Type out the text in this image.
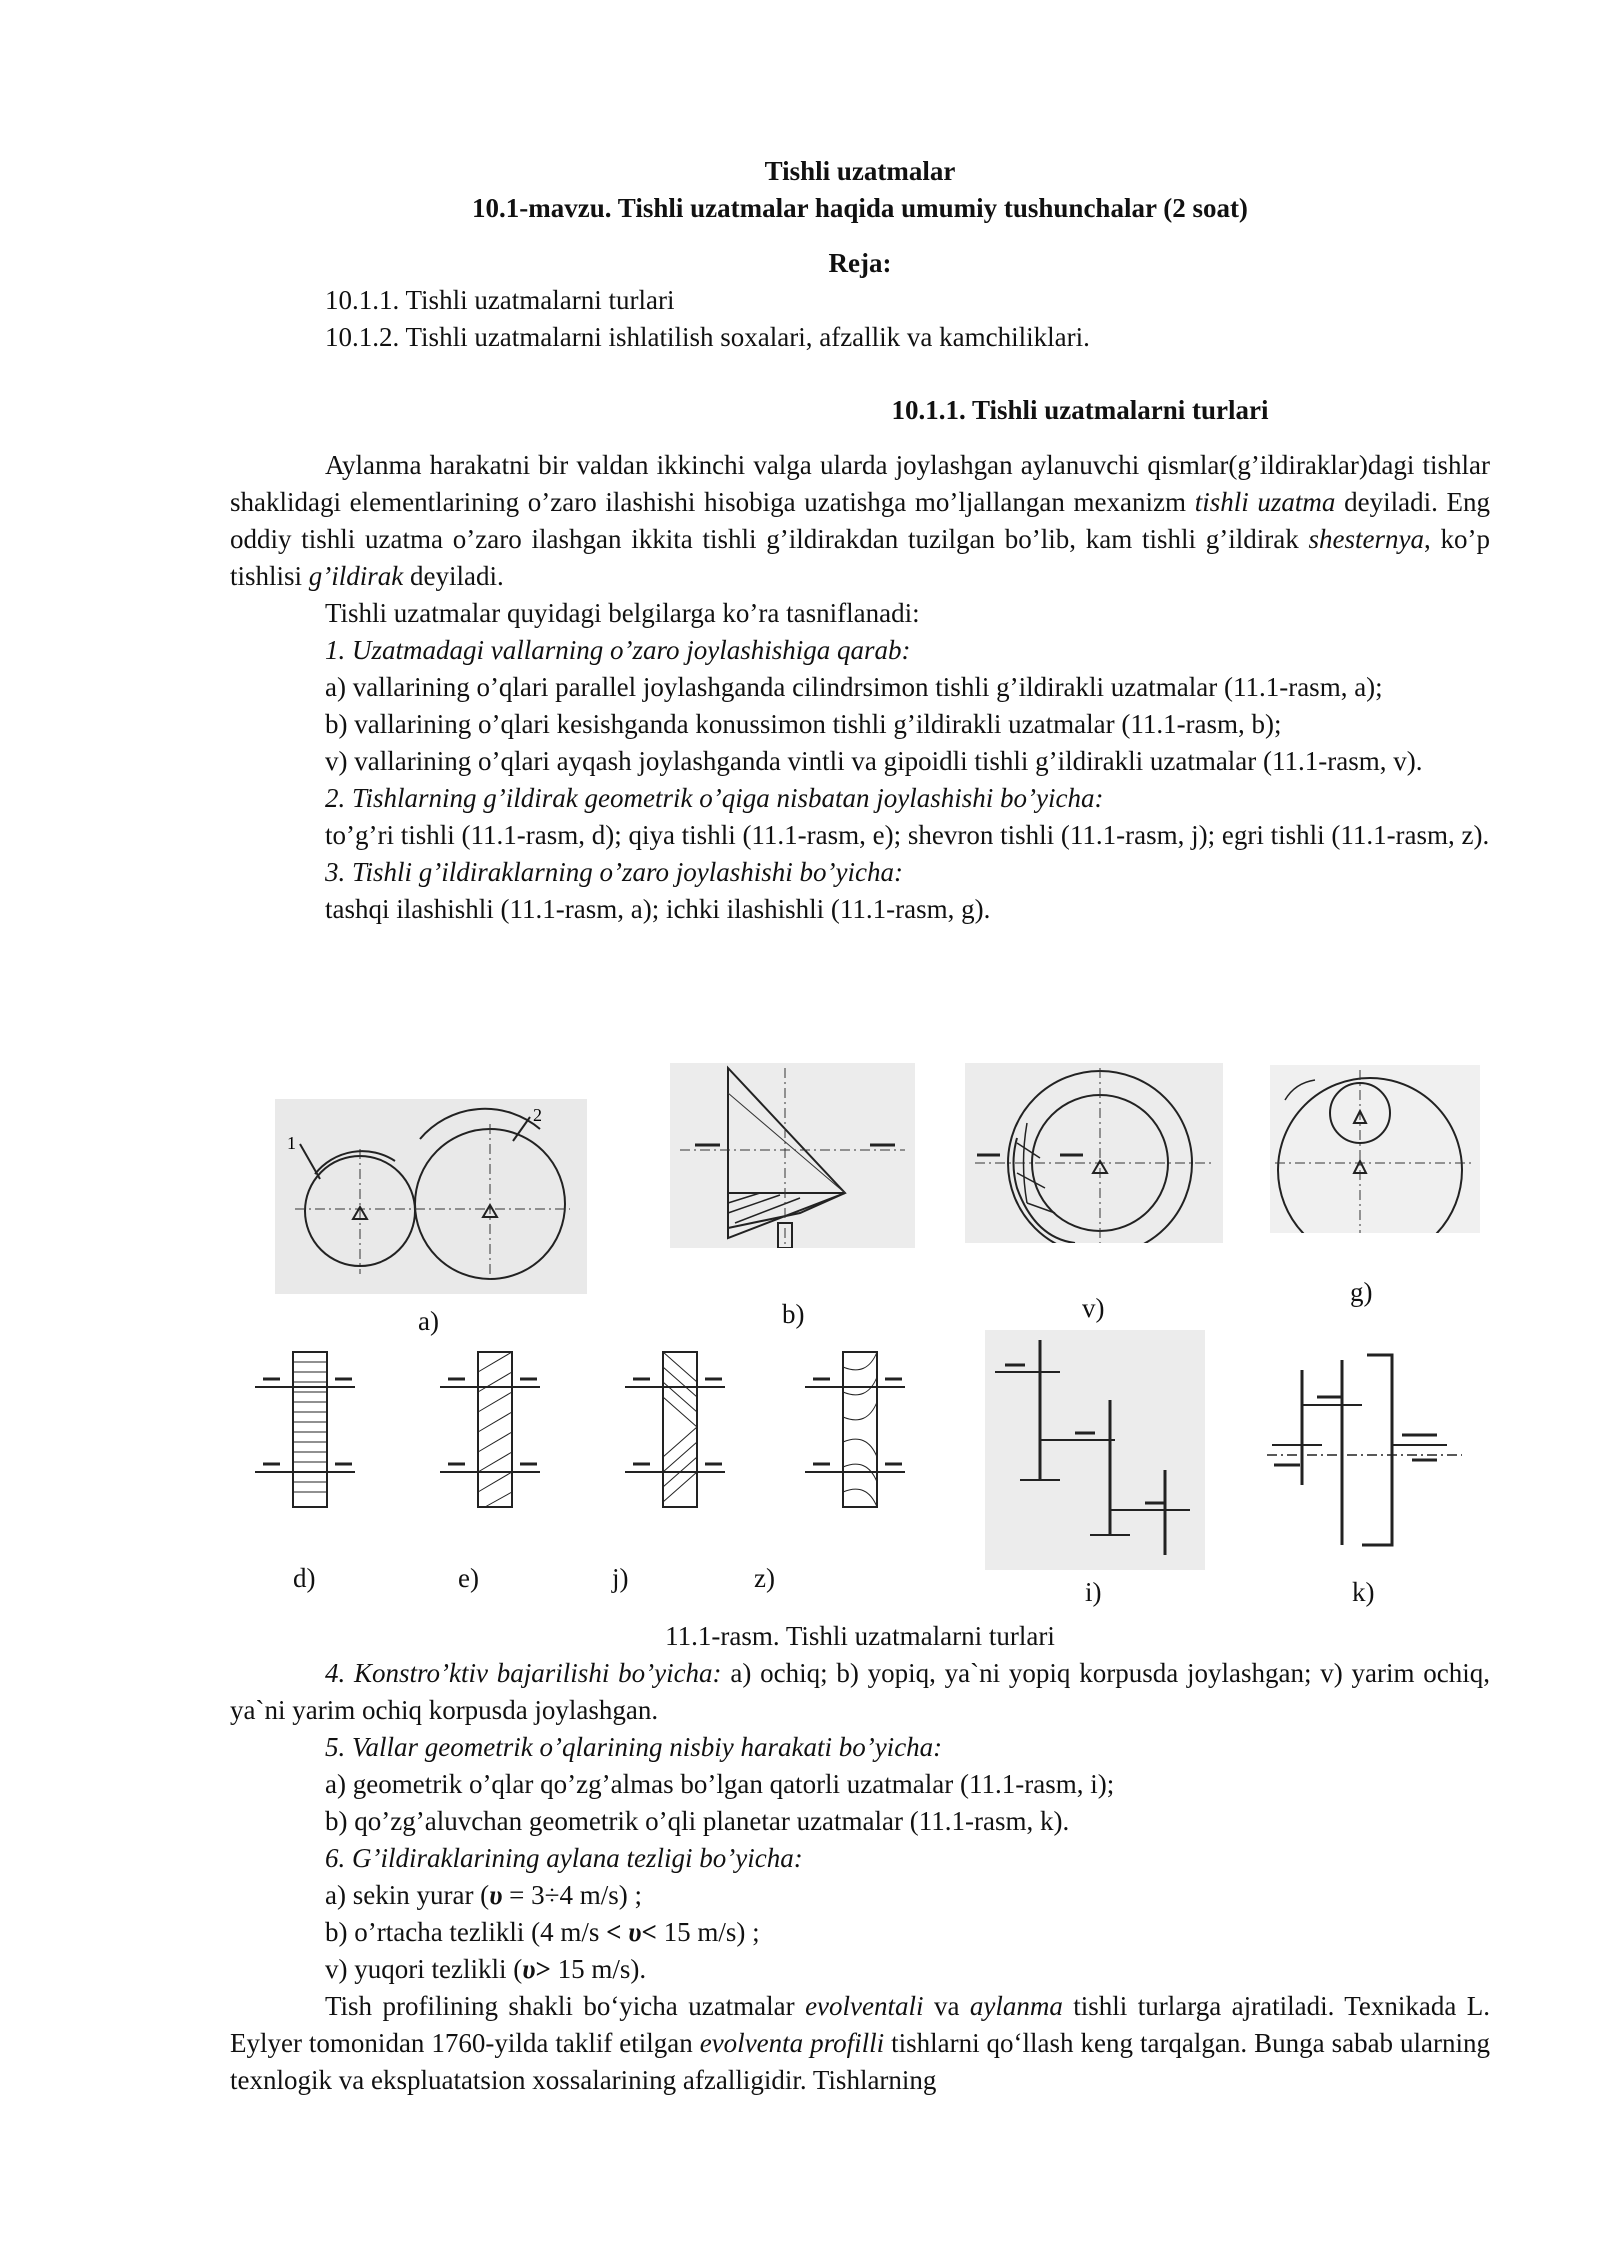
Tishli uzatmalar
10.1-mavzu. Tishli uzatmalar haqida umumiy tushunchalar (2 soat)
Reja:
10.1.1. Tishli uzatmalarni turlari
10.1.2. Tishli uzatmalarni ishlatilish soxalari, afzallik va kamchiliklari.
10.1.1. Tishli uzatmalarni turlari

Aylanma harakatni bir valdan ikkinchi valga ularda joylashgan aylanuvchi qismlar(g’ildiraklar)dagi tishlar shaklidagi elementlarining o’zaro ilashishi hisobiga uzatishga mo’ljallangan mexanizm tishli uzatma deyiladi. Eng oddiy tishli uzatma o’zaro ilashgan ikkita tishli g’ildirakdan tuzilgan bo’lib, kam tishli g’ildirak shesternya, ko’p tishlisi g’ildirak deyiladi.

Tishli uzatmalar quyidagi belgilarga ko’ra tasniflanadi:

1. Uzatmadagi vallarning o’zaro joylashishiga qarab:

a) vallarining o’qlari parallel joylashganda cilindrsimon tishli g’ildirakli uzatmalar (11.1-rasm, a);

b) vallarining o’qlari kesishganda konussimon tishli g’ildirakli uzatmalar (11.1-rasm, b);

v) vallarining o’qlari ayqash joylashganda vintli va gipoidli tishli g’ildirakli uzatmalar (11.1-rasm, v).

2. Tishlarning g’ildirak geometrik o’qiga nisbatan joylashishi bo’yicha:

to’g’ri tishli (11.1-rasm, d); qiya tishli (11.1-rasm, e); shevron tishli (11.1-rasm, j); egri tishli (11.1-rasm, z).

3. Tishli g’ildiraklarning o’zaro joylashishi bo’yicha:

tashqi ilashishli (11.1-rasm, a); ichki ilashishli (11.1-rasm, g).

1
2
a)	b)	v)
g)
d)	e)	j)	z)	i)	k)
11.1-rasm. Tishli uzatmalarni turlari

4. Konstro’ktiv bajarilishi bo’yicha: a) ochiq; b) yopiq, ya`ni yopiq korpusda joylashgan; v) yarim ochiq, ya`ni yarim ochiq korpusda joylashgan.

5. Vallar geometrik o’qlarining nisbiy harakati bo’yicha:

a) geometrik o’qlar qo’zg’almas bo’lgan qatorli uzatmalar (11.1-rasm, i);

b) qo’zg’aluvchan geometrik o’qli planetar uzatmalar (11.1-rasm, k).

6. G’ildiraklarining aylana tezligi bo’yicha:

a) sekin yurar (υ = 3÷4 m/s) ;

b) o’rtacha tezlikli (4 m/s < υ< 15 m/s) ;

v) yuqori tezlikli (υ> 15 m/s).

Tish profilining shakli bo‘yicha uzatmalar evolventali va aylanma tishli turlarga ajratiladi. Texnikada L. Eylyer tomonidan 1760-yilda taklif etilgan evolventa profilli tishlarni qo‘llash keng tarqalgan. Bunga sabab ularning texnlogik va ekspluatatsion xossalarining afzalligidir. Tishlarning
